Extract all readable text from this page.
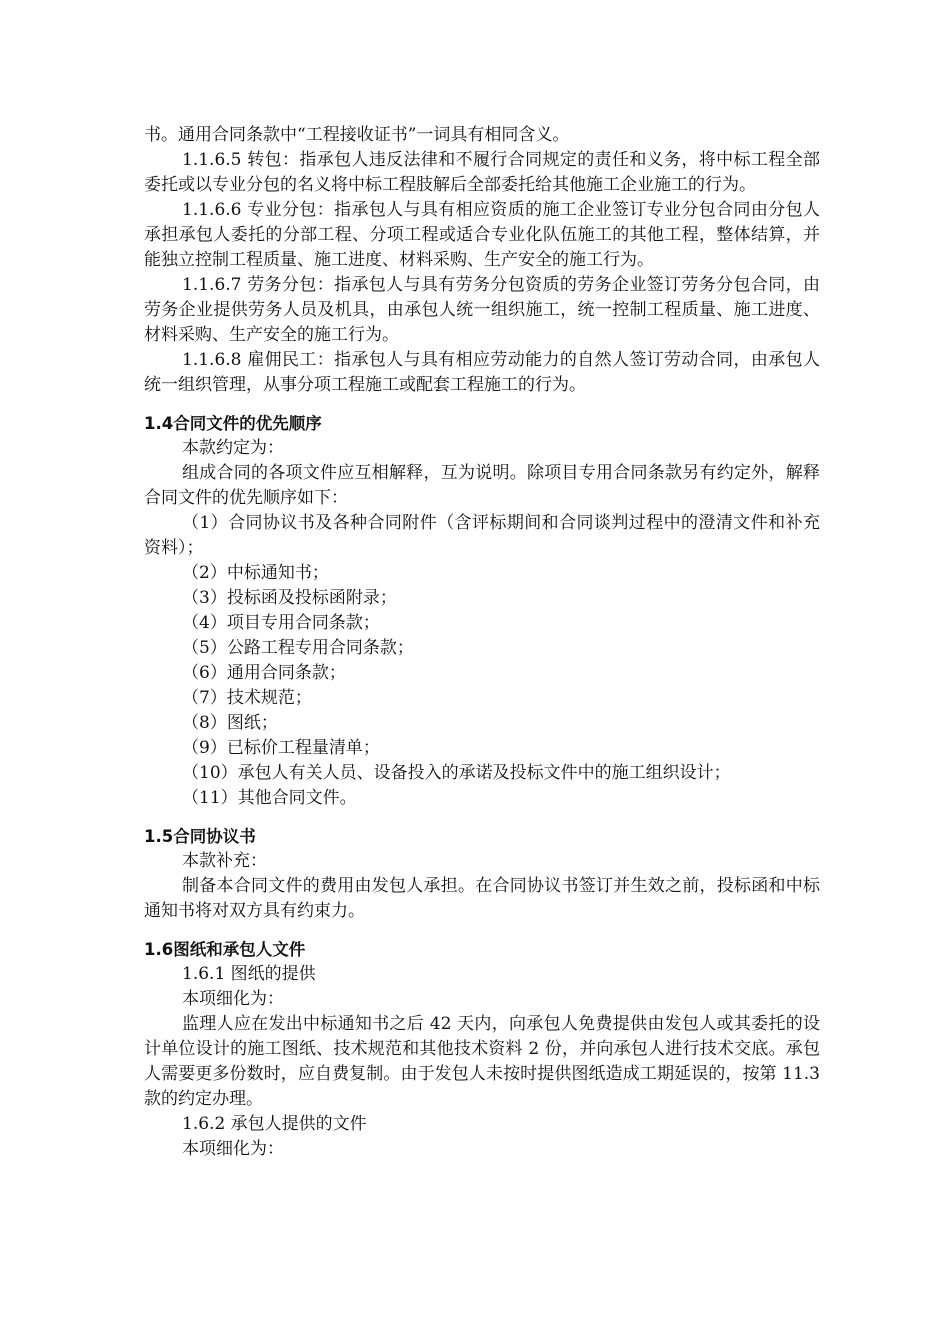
书。通用合同条款中“工程接收证书”一词具有相同含义。

1.1.6.5 转包：指承包人违反法律和不履行合同规定的责任和义务，将中标工程全部委托或以专业分包的名义将中标工程肢解后全部委托给其他施工企业施工的行为。

1.1.6.6 专业分包：指承包人与具有相应资质的施工企业签订专业分包合同由分包人承担承包人委托的分部工程、分项工程或适合专业化队伍施工的其他工程，整体结算，并能独立控制工程质量、施工进度、材料采购、生产安全的施工行为。

1.1.6.7 劳务分包：指承包人与具有劳务分包资质的劳务企业签订劳务分包合同，由劳务企业提供劳务人员及机具，由承包人统一组织施工，统一控制工程质量、施工进度、材料采购、生产安全的施工行为。

1.1.6.8 雇佣民工：指承包人与具有相应劳动能力的自然人签订劳动合同，由承包人统一组织管理，从事分项工程施工或配套工程施工的行为。

1.4合同文件的优先顺序

本款约定为：

组成合同的各项文件应互相解释，互为说明。除项目专用合同条款另有约定外，解释合同文件的优先顺序如下：

（1）合同协议书及各种合同附件（含评标期间和合同谈判过程中的澄清文件和补充资料）；

（2）中标通知书；

（3）投标函及投标函附录；

（4）项目专用合同条款；

（5）公路工程专用合同条款；

（6）通用合同条款；

（7）技术规范；

（8）图纸；

（9）已标价工程量清单；

（10）承包人有关人员、设备投入的承诺及投标文件中的施工组织设计；

（11）其他合同文件。

1.5合同协议书

本款补充：

制备本合同文件的费用由发包人承担。在合同协议书签订并生效之前，投标函和中标通知书将对双方具有约束力。

1.6图纸和承包人文件

1.6.1 图纸的提供

本项细化为：

监理人应在发出中标通知书之后 42 天内，向承包人免费提供由发包人或其委托的设计单位设计的施工图纸、技术规范和其他技术资料 2 份，并向承包人进行技术交底。承包人需要更多份数时，应自费复制。由于发包人未按时提供图纸造成工期延误的，按第 11.3 款的约定办理。

1.6.2 承包人提供的文件

本项细化为：
